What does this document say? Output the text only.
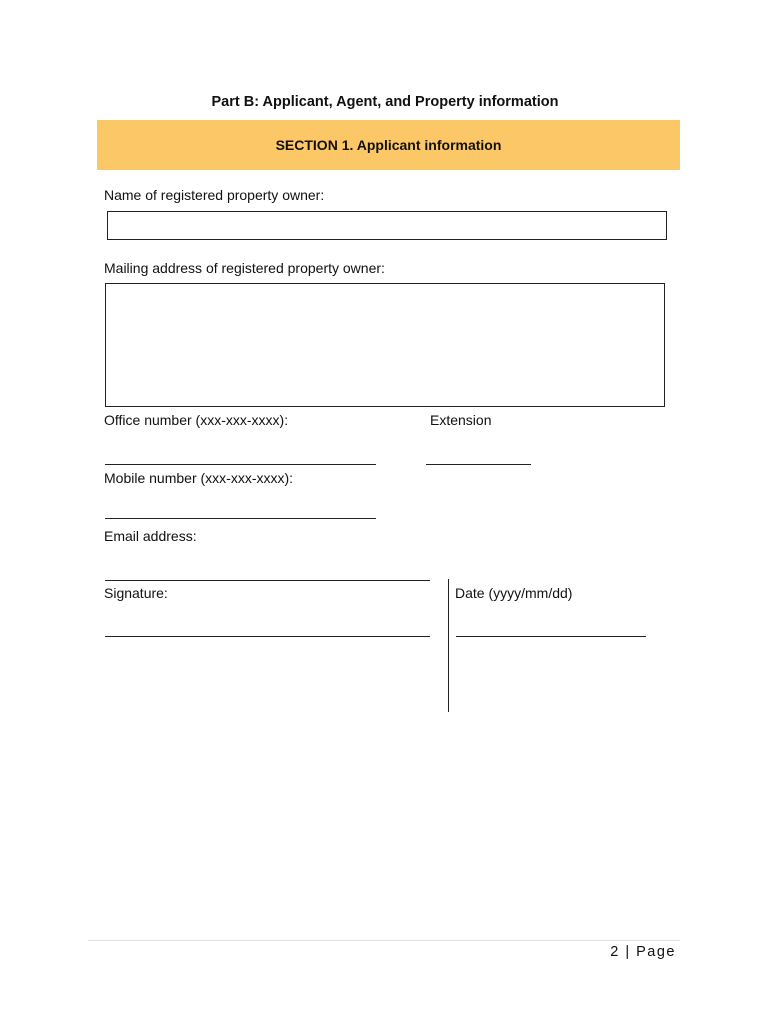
Part B: Applicant, Agent, and Property information
SECTION 1. Applicant information
Name of registered property owner:
Mailing address of registered property owner:
Office number (xxx-xxx-xxxx):	Extension
Mobile number (xxx-xxx-xxxx):
Email address:
Signature:	Date (yyyy/mm/dd)
2 | Page
